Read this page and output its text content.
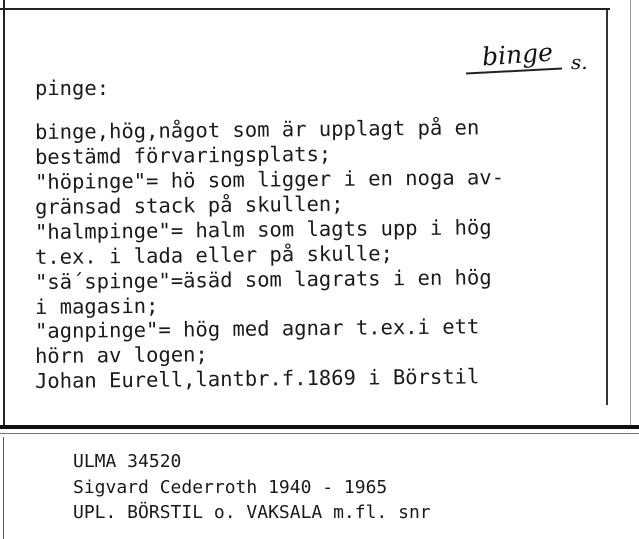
binge s.
pinge:
binge,hög,något som är upplagt på en
bestämd förvaringsplats;
"höpinge"= hö som ligger i en noga av-
gränsad stack på skullen;
"halmpinge"= halm som lagts upp i hög
t.ex. i lada eller på skulle;
"sä´spinge"=äsäd som lagrats i en hög
i magasin;
"agnpinge"= hög med agnar t.ex.i ett
hörn av logen;
Johan Eurell,lantbr.f.1869 i Börstil
ULMA 34520
Sigvard Cederroth 1940 - 1965
UPL. BÖRSTIL o. VAKSALA m.fl. snr
